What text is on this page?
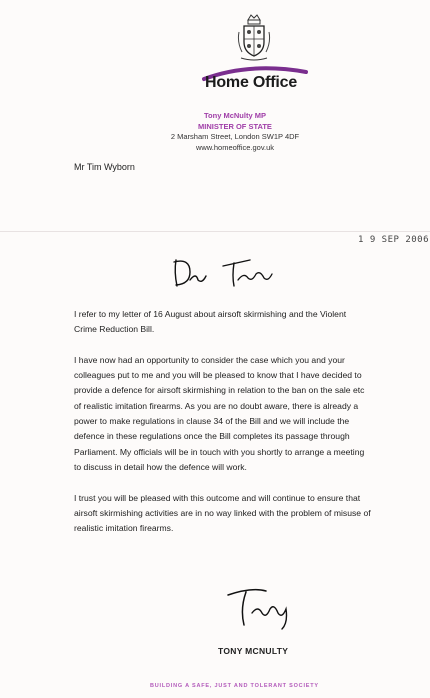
Home Office
Tony McNulty MP
MINISTER OF STATE
2 Marsham Street, London SW1P 4DF
www.homeoffice.gov.uk
Mr Tim Wyborn
1 9 SEP 2006

I refer to my letter of 16 August about airsoft skirmishing and the Violent
Crime Reduction Bill.

I have now had an opportunity to consider the case which you and your
colleagues put to me and you will be pleased to know that I have decided to
provide a defence for airsoft skirmishing in relation to the ban on the sale etc
of realistic imitation firearms. As you are no doubt aware, there is already a
power to make regulations in clause 34 of the Bill and we will include the
defence in these regulations once the Bill completes its passage through
Parliament. My officials will be in touch with you shortly to arrange a meeting
to discuss in detail how the defence will work.

I trust you will be pleased with this outcome and will continue to ensure that
airsoft skirmishing activities are in no way linked with the problem of misuse of
realistic imitation firearms.

TONY MCNULTY
BUILDING A SAFE, JUST AND TOLERANT SOCIETY
